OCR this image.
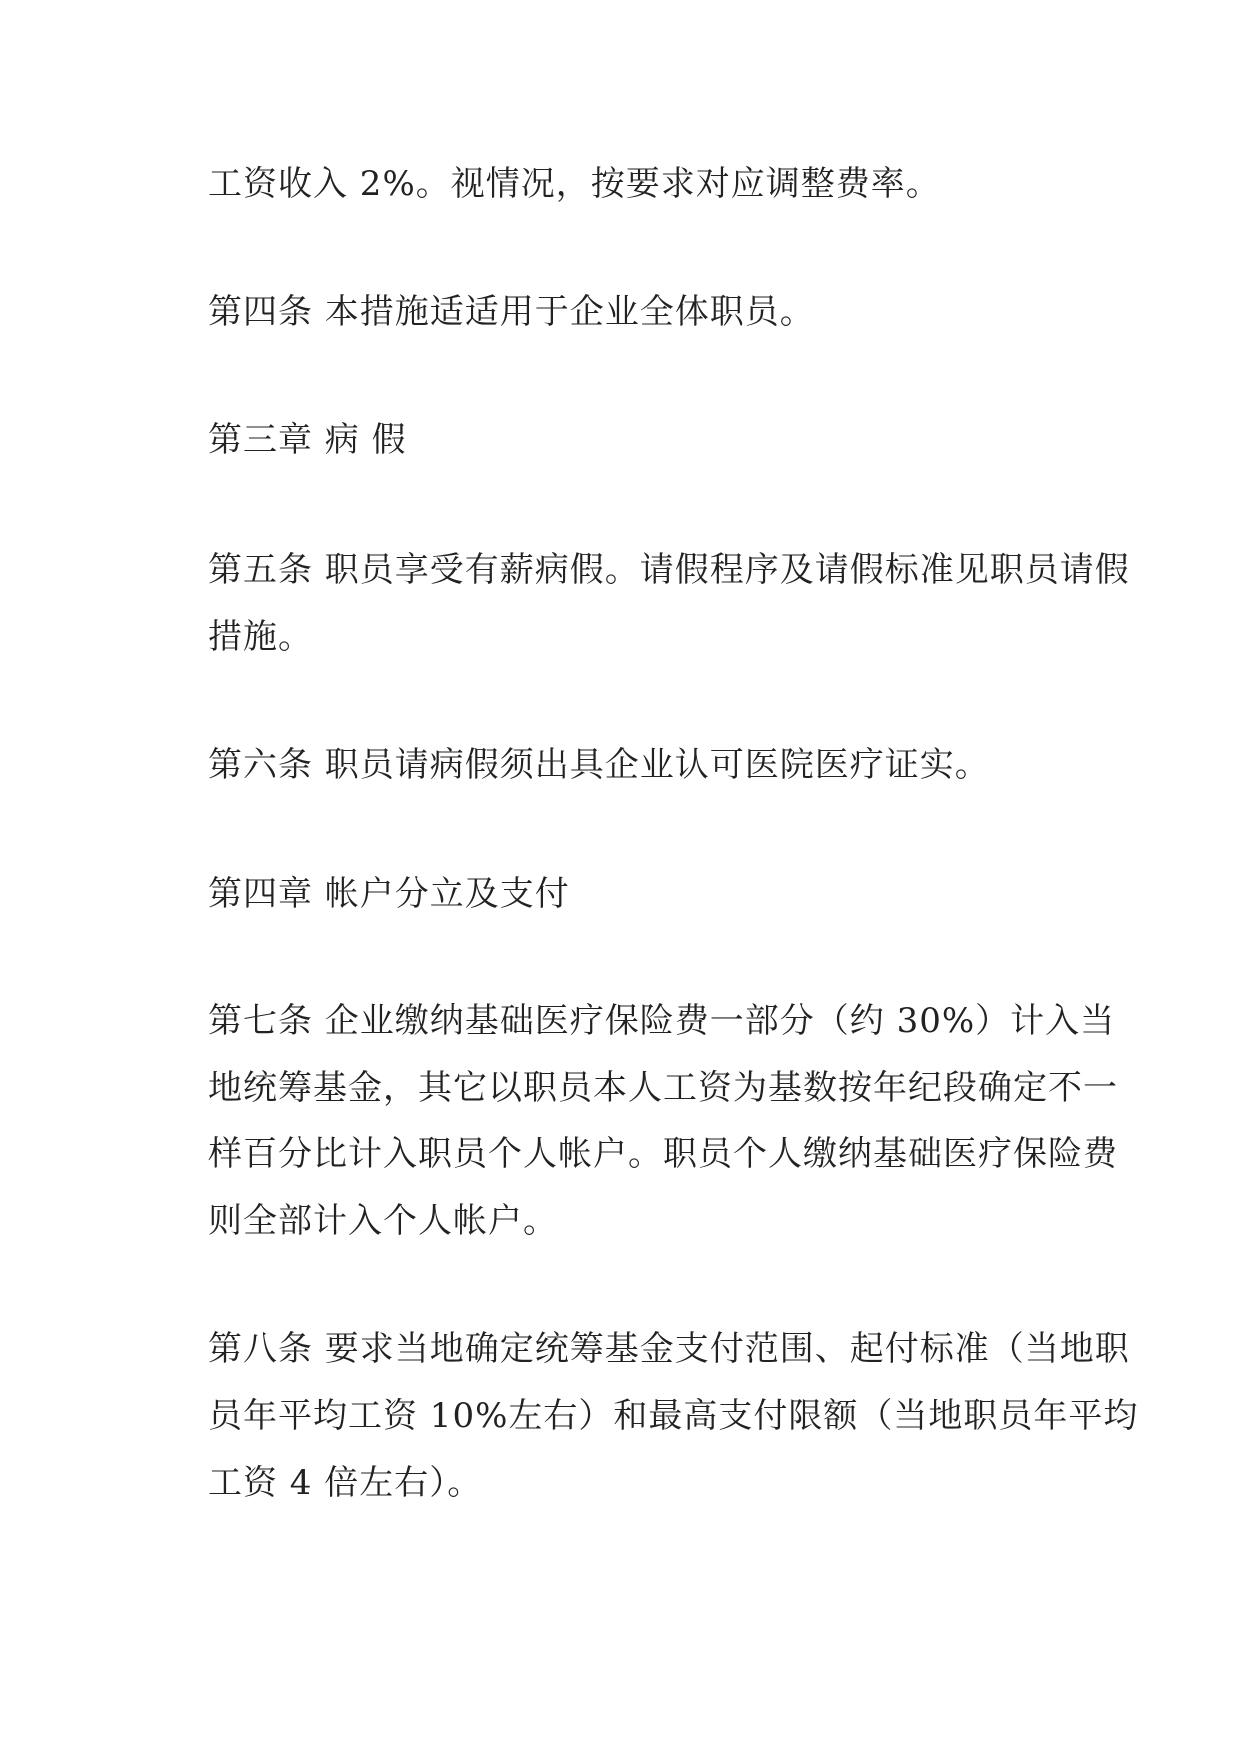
工资收入 2%。视情况，按要求对应调整费率。

第四条 本措施适适用于企业全体职员。

第三章 病 假

第五条 职员享受有薪病假。请假程序及请假标准见职员请假

措施。

第六条 职员请病假须出具企业认可医院医疗证实。

第四章 帐户分立及支付

第七条 企业缴纳基础医疗保险费一部分（约 30%）计入当

地统筹基金，其它以职员本人工资为基数按年纪段确定不一

样百分比计入职员个人帐户。职员个人缴纳基础医疗保险费

则全部计入个人帐户。

第八条 要求当地确定统筹基金支付范围、起付标准（当地职

员年平均工资 10%左右）和最高支付限额（当地职员年平均

工资 4 倍左右）。
